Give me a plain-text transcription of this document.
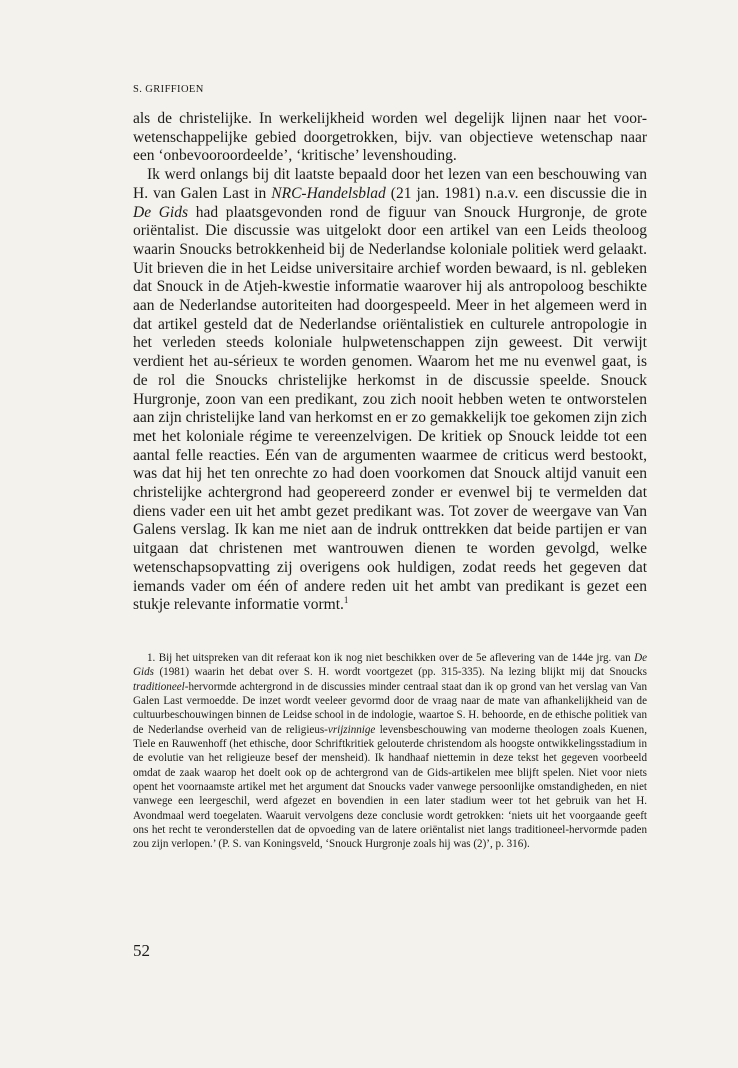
S. GRIFFIOEN

als de christelijke. In werkelijkheid worden wel degelijk lijnen naar het voor-wetenschappelijke gebied doorgetrokken, bijv. van objectieve wetenschap naar een ‘onbevooroordeelde’, ‘kritische’ levenshouding.

Ik werd onlangs bij dit laatste bepaald door het lezen van een beschouwing van H. van Galen Last in NRC-Handelsblad (21 jan. 1981) n.a.v. een discussie die in De Gids had plaatsgevonden rond de figuur van Snouck Hurgronje, de grote oriëntalist. Die discussie was uitgelokt door een artikel van een Leids theoloog waarin Snoucks betrokkenheid bij de Nederlandse koloniale politiek werd gelaakt. Uit brieven die in het Leidse universitaire archief worden bewaard, is nl. gebleken dat Snouck in de Atjeh-kwestie informatie waarover hij als antropoloog beschikte aan de Nederlandse autoriteiten had doorgespeeld. Meer in het algemeen werd in dat artikel gesteld dat de Nederlandse oriëntalistiek en culturele antropologie in het verleden steeds koloniale hulpwetenschappen zijn geweest. Dit verwijt verdient het au-sérieux te worden genomen. Waarom het me nu evenwel gaat, is de rol die Snoucks christelijke herkomst in de discussie speelde. Snouck Hurgronje, zoon van een predikant, zou zich nooit hebben weten te ontworstelen aan zijn christelijke land van herkomst en er zo gemakkelijk toe gekomen zijn zich met het koloniale régime te vereenzelvigen. De kritiek op Snouck leidde tot een aantal felle reacties. Eén van de argumenten waarmee de criticus werd bestookt, was dat hij het ten onrechte zo had doen voorkomen dat Snouck altijd vanuit een christelijke achtergrond had geopereerd zonder er evenwel bij te vermelden dat diens vader een uit het ambt gezet predikant was. Tot zover de weergave van Van Galens verslag. Ik kan me niet aan de indruk onttrekken dat beide partijen er van uitgaan dat christenen met wantrouwen dienen te worden gevolgd, welke wetenschapsopvatting zij overigens ook huldigen, zodat reeds het gegeven dat iemands vader om één of andere reden uit het ambt van predikant is gezet een stukje relevante informatie vormt.$^1$

1. Bij het uitspreken van dit referaat kon ik nog niet beschikken over de 5e aflevering van de 144e jrg. van De Gids (1981) waarin het debat over S. H. wordt voortgezet (pp. 315-335). Na lezing blijkt mij dat Snoucks traditioneel-hervormde achtergrond in de discussies minder centraal staat dan ik op grond van het verslag van Van Galen Last vermoedde. De inzet wordt veeleer gevormd door de vraag naar de mate van afhankelijkheid van de cultuurbeschouwingen binnen de Leidse school in de indologie, waartoe S. H. behoorde, en de ethische politiek van de Nederlandse overheid van de religieus-vrijzinnige levensbeschouwing van moderne theologen zoals Kuenen, Tiele en Rauwenhoff (het ethische, door Schriftkritiek gelouterde christendom als hoogste ontwikkelingsstadium in de evolutie van het religieuze besef der mensheid). Ik handhaaf niettemin in deze tekst het gegeven voorbeeld omdat de zaak waarop het doelt ook op de achtergrond van de Gids-artikelen mee blijft spelen. Niet voor niets opent het voornaamste artikel met het argument dat Snoucks vader vanwege persoonlijke omstandigheden, en niet vanwege een leergeschil, werd afgezet en bovendien in een later stadium weer tot het gebruik van het H. Avondmaal werd toegelaten. Waaruit vervolgens deze conclusie wordt getrokken: ‘niets uit het voorgaande geeft ons het recht te veronderstellen dat de opvoeding van de latere oriëntalist niet langs traditioneel-hervormde paden zou zijn verlopen.’ (P. S. van Koningsveld, ‘Snouck Hurgronje zoals hij was (2)’, p. 316).
52
